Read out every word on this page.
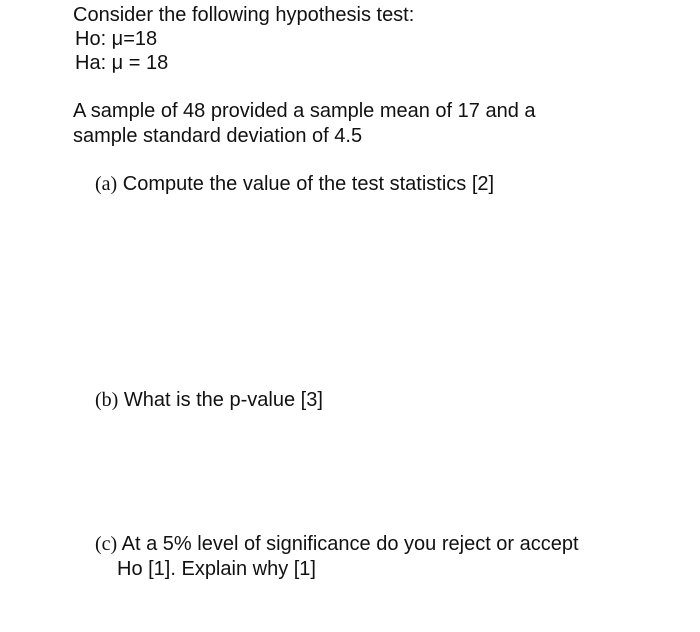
Consider the following hypothesis test:
Ho: μ=18
Ha: μ = 18
A sample of 48 provided a sample mean of 17 and a
sample standard deviation of 4.5
(a) Compute the value of the test statistics [2]
(b) What is the p-value [3]
(c) At a 5% level of significance do you reject or accept
Ho [1]. Explain why [1]
